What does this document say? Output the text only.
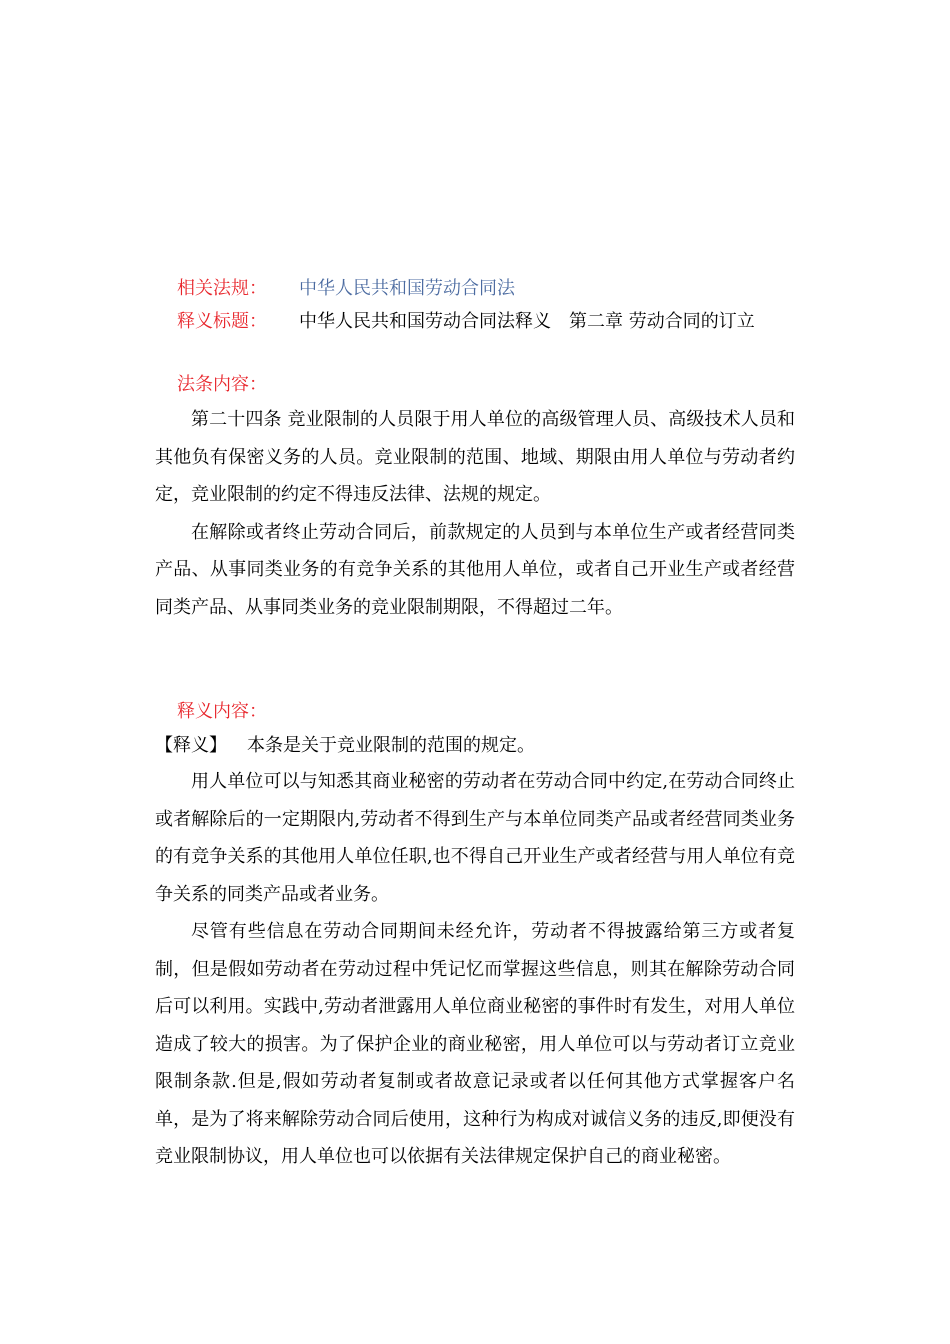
相关法规： 中华人民共和国劳动合同法
释义标题： 中华人民共和国劳动合同法释义　第二章 劳动合同的订立
法条内容：

第二十四条 竞业限制的人员限于用人单位的高级管理人员、高级技术人员和其他负有保密义务的人员。竞业限制的范围、地域、期限由用人单位与劳动者约定，竞业限制的约定不得违反法律、法规的规定。

在解除或者终止劳动合同后，前款规定的人员到与本单位生产或者经营同类产品、从事同类业务的有竞争关系的其他用人单位，或者自己开业生产或者经营同类产品、从事同类业务的竞业限制期限，不得超过二年。

释义内容：
【释义】 本条是关于竞业限制的范围的规定。

用人单位可以与知悉其商业秘密的劳动者在劳动合同中约定,在劳动合同终止或者解除后的一定期限内,劳动者不得到生产与本单位同类产品或者经营同类业务的有竞争关系的其他用人单位任职,也不得自己开业生产或者经营与用人单位有竞争关系的同类产品或者业务。

尽管有些信息在劳动合同期间未经允许，劳动者不得披露给第三方或者复制，但是假如劳动者在劳动过程中凭记忆而掌握这些信息，则其在解除劳动合同后可以利用。实践中,劳动者泄露用人单位商业秘密的事件时有发生，对用人单位造成了较大的损害。为了保护企业的商业秘密，用人单位可以与劳动者订立竞业限制条款.但是,假如劳动者复制或者故意记录或者以任何其他方式掌握客户名单，是为了将来解除劳动合同后使用，这种行为构成对诚信义务的违反,即便没有竞业限制协议，用人单位也可以依据有关法律规定保护自己的商业秘密。
